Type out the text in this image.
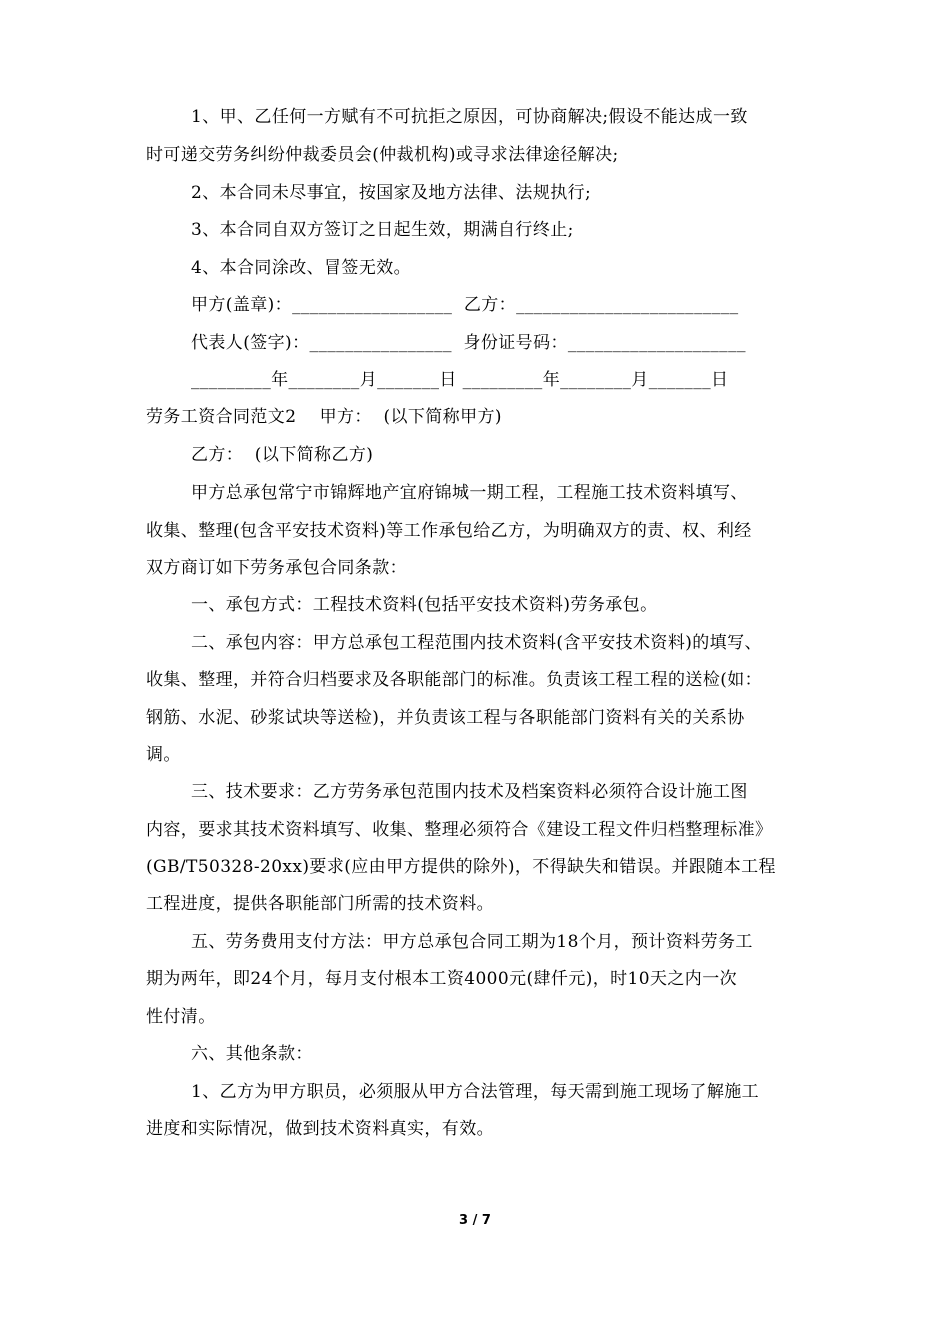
1、甲、乙任何一方赋有不可抗拒之原因，可协商解决;假设不能达成一致
时可递交劳务纠纷仲裁委员会(仲裁机构)或寻求法律途径解决;
2、本合同未尽事宜，按国家及地方法律、法规执行;
3、本合同自双方签订之日起生效，期满自行终止;
4、本合同涂改、冒签无效。
甲方(盖章)：__________________  乙方：_________________________
代表人(签字)：________________  身份证号码：____________________
_________年________月_______日 _________年________月_______日
劳务工资合同范文2    甲方：  (以下简称甲方)
乙方：  (以下简称乙方)
甲方总承包常宁市锦辉地产宜府锦城一期工程，工程施工技术资料填写、
收集、整理(包含平安技术资料)等工作承包给乙方，为明确双方的责、权、利经
双方商订如下劳务承包合同条款：
一、承包方式：工程技术资料(包括平安技术资料)劳务承包。
二、承包内容：甲方总承包工程范围内技术资料(含平安技术资料)的填写、
收集、整理，并符合归档要求及各职能部门的标准。负责该工程工程的送检(如：
钢筋、水泥、砂浆试块等送检)，并负责该工程与各职能部门资料有关的关系协
调。
三、技术要求：乙方劳务承包范围内技术及档案资料必须符合设计施工图
内容，要求其技术资料填写、收集、整理必须符合《建设工程文件归档整理标准》
(GB/T50328-20xx)要求(应由甲方提供的除外)，不得缺失和错误。并跟随本工程
工程进度，提供各职能部门所需的技术资料。
五、劳务费用支付方法：甲方总承包合同工期为18个月，预计资料劳务工
期为两年，即24个月，每月支付根本工资4000元(肆仟元)，时10天之内一次
性付清。
六、其他条款：
1、乙方为甲方职员，必须服从甲方合法管理，每天需到施工现场了解施工
进度和实际情况，做到技术资料真实，有效。
3 / 7
